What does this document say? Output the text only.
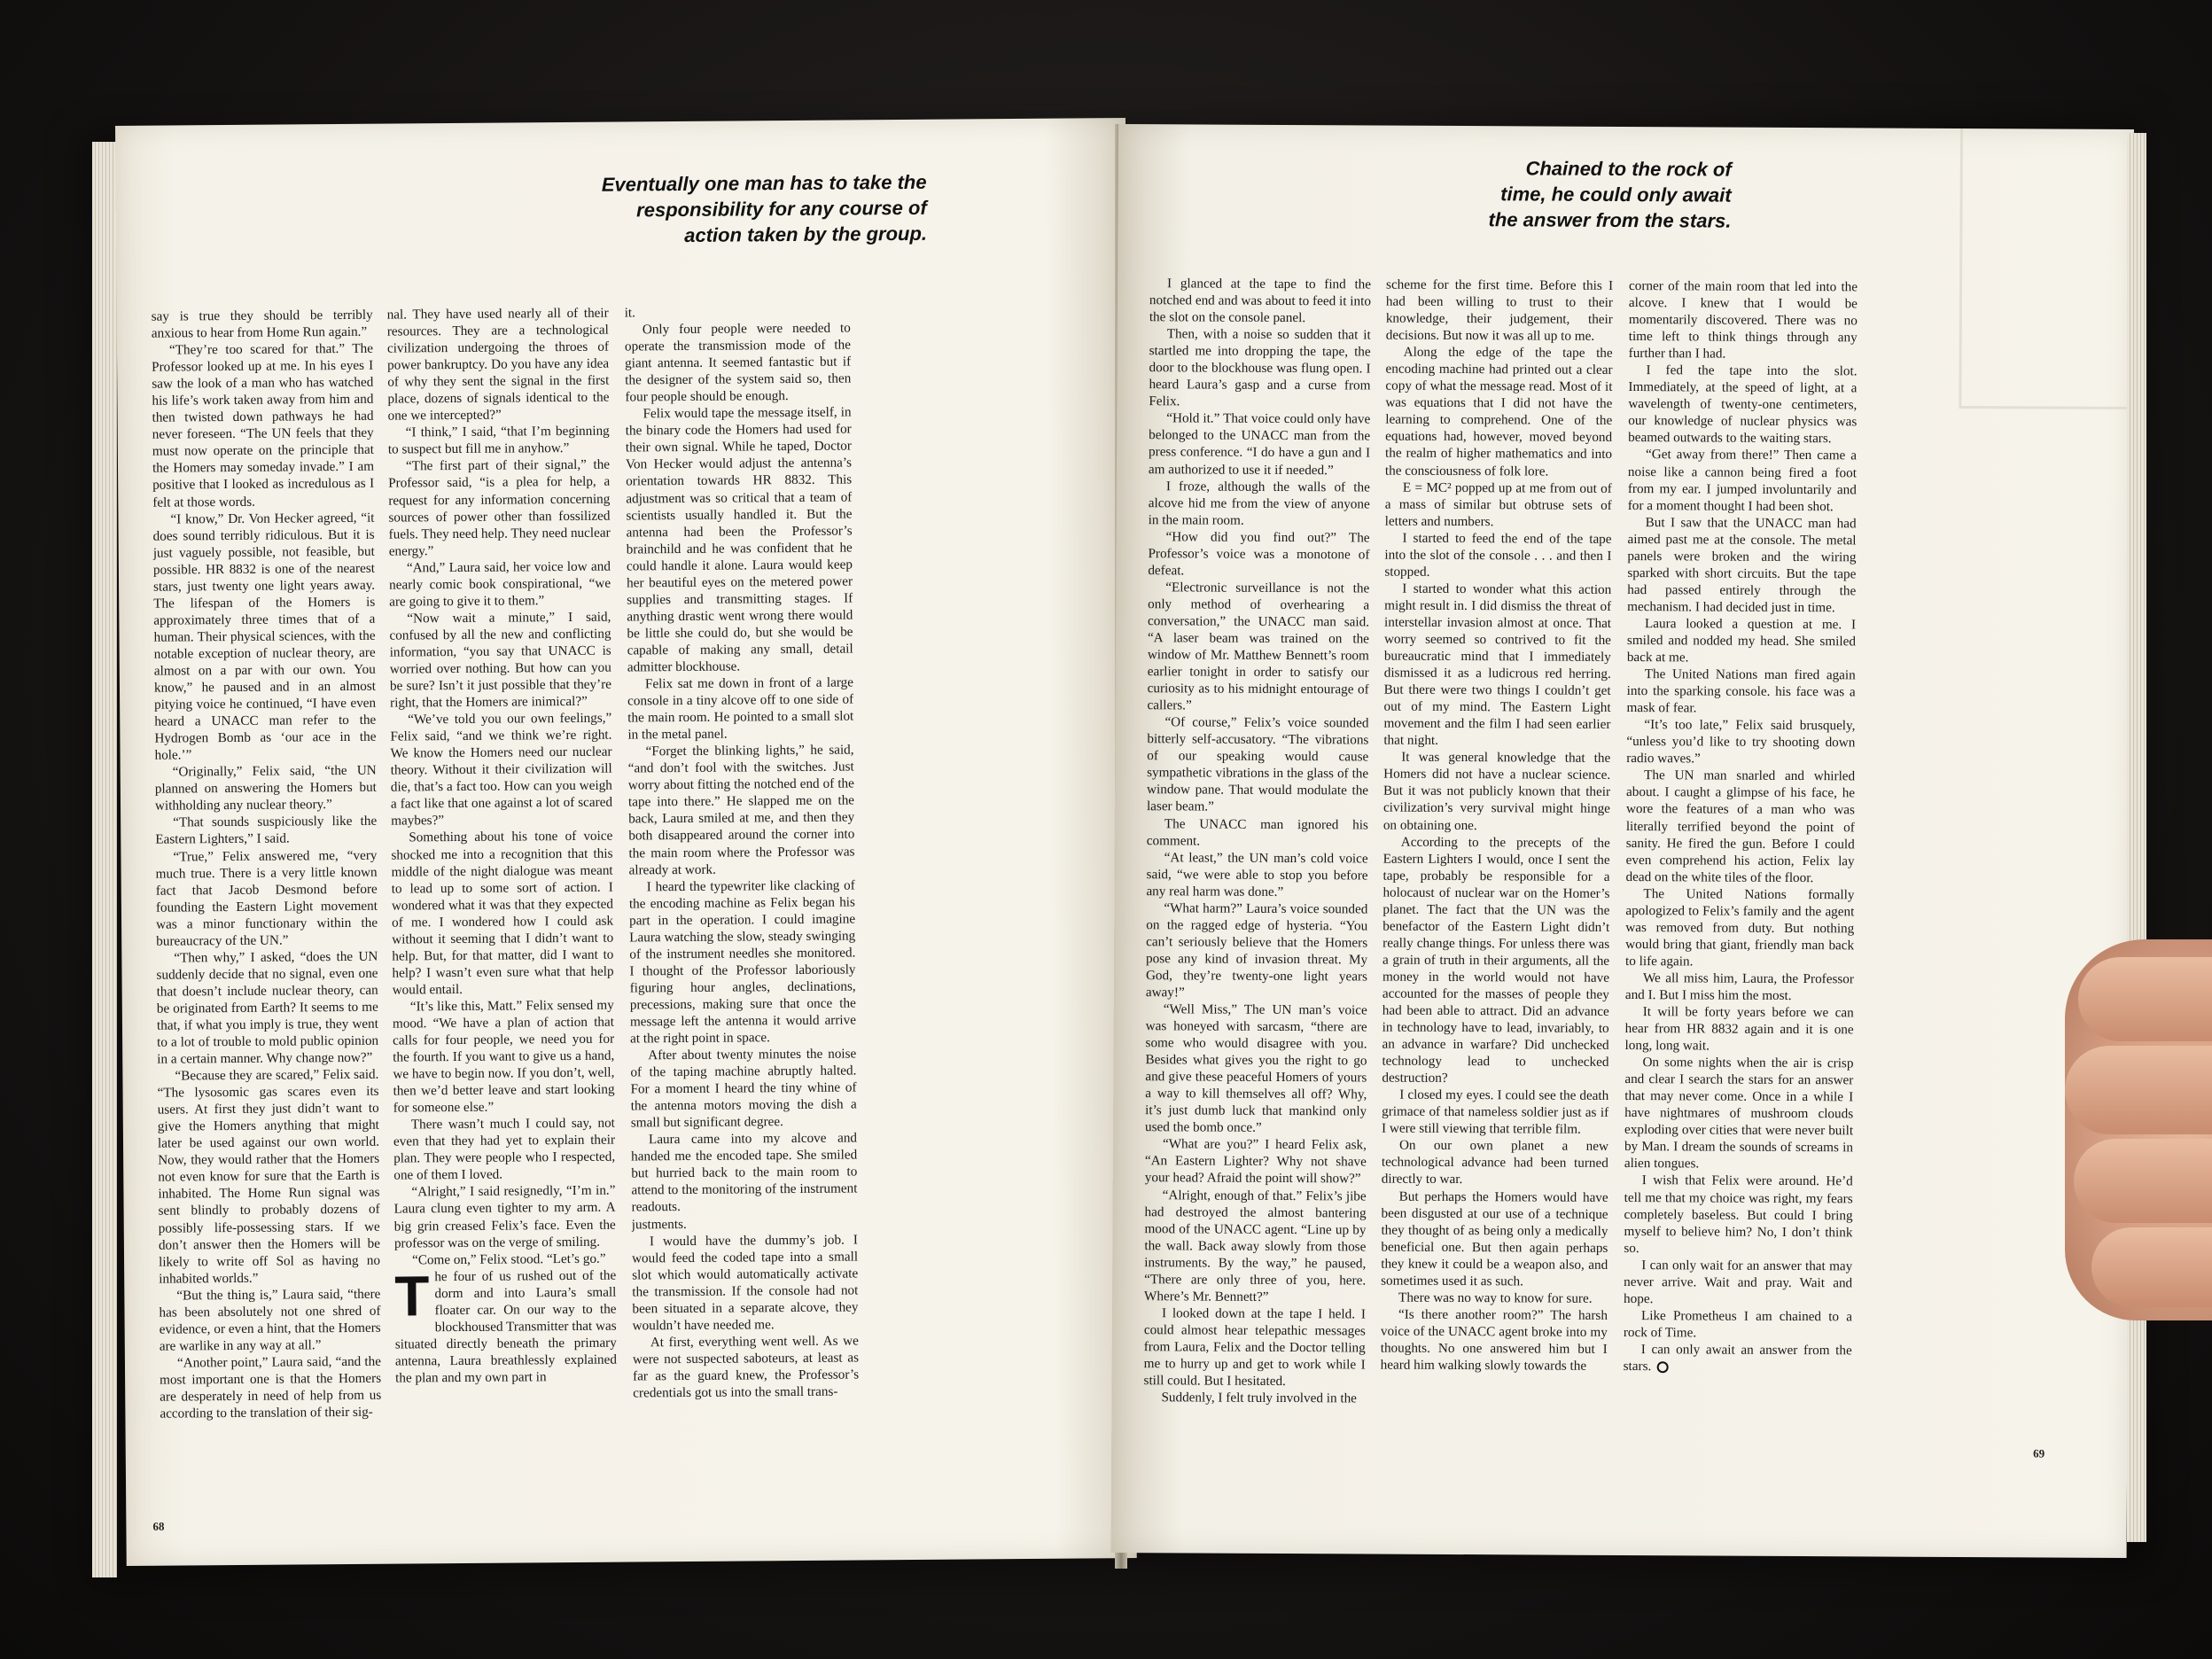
Eventually one man has to take the
responsibility for any course of
action taken by the group.

say is true they should be terribly anxious to hear from Home Run again.”

“They’re too scared for that.” The Professor looked up at me. In his eyes I saw the look of a man who has watched his life’s work taken away from him and then twisted down pathways he had never foreseen. “The UN feels that they must now operate on the principle that the Homers may someday invade.” I am positive that I looked as incredulous as I felt at those words.

“I know,” Dr. Von Hecker agreed, “it does sound terribly ridiculous. But it is just vaguely possible, not feasible, but possible. HR 8832 is one of the nearest stars, just twenty one light years away. The lifespan of the Homers is approximately three times that of a human. Their physical sciences, with the notable exception of nuclear theory, are almost on a par with our own. You know,” he paused and in an almost pitying voice he continued, “I have even heard a UNACC man refer to the Hydrogen Bomb as ‘our ace in the hole.’”

“Originally,” Felix said, “the UN planned on answering the Homers but withholding any nuclear theory.”

“That sounds suspiciously like the Eastern Lighters,” I said.

“True,” Felix answered me, “very much true. There is a very little known fact that Jacob Desmond before founding the Eastern Light movement was a minor functionary within the bureaucracy of the UN.”

“Then why,” I asked, “does the UN suddenly decide that no signal, even one that doesn’t include nuclear theory, can be originated from Earth? It seems to me that, if what you imply is true, they went to a lot of trouble to mold public opinion in a certain manner. Why change now?”

“Because they are scared,” Felix said. “The lysosomic gas scares even its users. At first they just didn’t want to give the Homers anything that might later be used against our own world. Now, they would rather that the Homers not even know for sure that the Earth is inhabited. The Home Run signal was sent blindly to probably dozens of possibly life-possessing stars. If we don’t answer then the Homers will be likely to write off Sol as having no inhabited worlds.”

“But the thing is,” Laura said, “there has been absolutely not one shred of evidence, or even a hint, that the Homers are warlike in any way at all.”

“Another point,” Laura said, “and the most important one is that the Homers are desperately in need of help from us according to the translation of their sig-

nal. They have used nearly all of their resources. They are a technological civilization undergoing the throes of power bankruptcy. Do you have any idea of why they sent the signal in the first place, dozens of signals identical to the one we intercepted?”

“I think,” I said, “that I’m beginning to suspect but fill me in anyhow.”

“The first part of their signal,” the Professor said, “is a plea for help, a request for any information concerning sources of power other than fossilized fuels. They need help. They need nuclear energy.”

“And,” Laura said, her voice low and nearly comic book conspirational, “we are going to give it to them.”

“Now wait a minute,” I said, confused by all the new and conflicting information, “you say that UNACC is worried over nothing. But how can you be sure? Isn’t it just possible that they’re right, that the Homers are inimical?”

“We’ve told you our own feelings,” Felix said, “and we think we’re right. We know the Homers need our nuclear theory. Without it their civilization will die, that’s a fact too. How can you weigh a fact like that one against a lot of scared maybes?”

Something about his tone of voice shocked me into a recognition that this middle of the night dialogue was meant to lead up to some sort of action. I wondered what it was that they expected of me. I wondered how I could ask without it seeming that I didn’t want to help. But, for that matter, did I want to help? I wasn’t even sure what that help would entail.

“It’s like this, Matt.” Felix sensed my mood. “We have a plan of action that calls for four people, we need you for the fourth. If you want to give us a hand, we have to begin now. If you don’t, well, then we’d better leave and start looking for someone else.”

There wasn’t much I could say, not even that they had yet to explain their plan. They were people who I respected, one of them I loved.

“Alright,” I said resignedly, “I’m in.” Laura clung even tighter to my arm. A big grin creased Felix’s face. Even the professor was on the verge of smiling.

“Come on,” Felix stood. “Let’s go.”

The four of us rushed out of the dorm and into Laura’s small floater car. On our way to the blockhoused Transmitter that was situated directly beneath the primary antenna, Laura breathlessly explained the plan and my own part in

it.

Only four people were needed to operate the transmission mode of the giant antenna. It seemed fantastic but if the designer of the system said so, then four people should be enough.

Felix would tape the message itself, in the binary code the Homers had used for their own signal. While he taped, Doctor Von Hecker would adjust the antenna’s orientation towards HR 8832. This adjustment was so critical that a team of scientists usually handled it. But the antenna had been the Professor’s brainchild and he was confident that he could handle it alone. Laura would keep her beautiful eyes on the metered power supplies and transmitting stages. If anything drastic went wrong there would be little she could do, but she would be capable of making any small, detail admitter blockhouse.

Felix sat me down in front of a large console in a tiny alcove off to one side of the main room. He pointed to a small slot in the metal panel.

“Forget the blinking lights,” he said, “and don’t fool with the switches. Just worry about fitting the notched end of the tape into there.” He slapped me on the back, Laura smiled at me, and then they both disappeared around the corner into the main room where the Professor was already at work.

I heard the typewriter like clacking of the encoding machine as Felix began his part in the operation. I could imagine Laura watching the slow, steady swinging of the instrument needles she monitored. I thought of the Professor laboriously figuring hour angles, declinations, precessions, making sure that once the message left the antenna it would arrive at the right point in space.

After about twenty minutes the noise of the taping machine abruptly halted. For a moment I heard the tiny whine of the antenna motors moving the dish a small but significant degree.

Laura came into my alcove and handed me the encoded tape. She smiled but hurried back to the main room to attend to the monitoring of the instrument readouts.

justments.

I would have the dummy’s job. I would feed the coded tape into a small slot which would automatically activate the transmission. If the console had not been situated in a separate alcove, they wouldn’t have needed me.

At first, everything went well. As we were not suspected saboteurs, at least as far as the guard knew, the Professor’s credentials got us into the small trans-

68
Chained to the rock of
time, he could only await
the answer from the stars.

I glanced at the tape to find the notched end and was about to feed it into the slot on the console panel.

Then, with a noise so sudden that it startled me into dropping the tape, the door to the blockhouse was flung open. I heard Laura’s gasp and a curse from Felix.

“Hold it.” That voice could only have belonged to the UNACC man from the press conference. “I do have a gun and I am authorized to use it if needed.”

I froze, although the walls of the alcove hid me from the view of anyone in the main room.

“How did you find out?” The Professor’s voice was a monotone of defeat.

“Electronic surveillance is not the only method of overhearing a conversation,” the UNACC man said. “A laser beam was trained on the window of Mr. Matthew Bennett’s room earlier tonight in order to satisfy our curiosity as to his midnight entourage of callers.”

“Of course,” Felix’s voice sounded bitterly self-accusatory. “The vibrations of our speaking would cause sympathetic vibrations in the glass of the window pane. That would modulate the laser beam.”

The UNACC man ignored his comment.

“At least,” the UN man’s cold voice said, “we were able to stop you before any real harm was done.”

“What harm?” Laura’s voice sounded on the ragged edge of hysteria. “You can’t seriously believe that the Homers pose any kind of invasion threat. My God, they’re twenty-one light years away!”

“Well Miss,” The UN man’s voice was honeyed with sarcasm, “there are some who would disagree with you. Besides what gives you the right to go and give these peaceful Homers of yours a way to kill themselves all off? Why, it’s just dumb luck that mankind only used the bomb once.”

“What are you?” I heard Felix ask, “An Eastern Lighter? Why not shave your head? Afraid the point will show?”

“Alright, enough of that.” Felix’s jibe had destroyed the almost bantering mood of the UNACC agent. “Line up by the wall. Back away slowly from those instruments. By the way,” he paused, “There are only three of you, here. Where’s Mr. Bennett?”

I looked down at the tape I held. I could almost hear telepathic messages from Laura, Felix and the Doctor telling me to hurry up and get to work while I still could. But I hesitated.

Suddenly, I felt truly involved in the

scheme for the first time. Before this I had been willing to trust to their knowledge, their judgement, their decisions. But now it was all up to me.

Along the edge of the tape the encoding machine had printed out a clear copy of what the message read. Most of it was equations that I did not have the learning to comprehend. One of the equations had, however, moved beyond the realm of higher mathematics and into the consciousness of folk lore.

E = MC² popped up at me from out of a mass of similar but obtruse sets of letters and numbers.

I started to feed the end of the tape into the slot of the console . . . and then I stopped.

I started to wonder what this action might result in. I did dismiss the threat of interstellar invasion almost at once. That worry seemed so contrived to fit the bureaucratic mind that I immediately dismissed it as a ludicrous red herring. But there were two things I couldn’t get out of my mind. The Eastern Light movement and the film I had seen earlier that night.

It was general knowledge that the Homers did not have a nuclear science. But it was not publicly known that their civilization’s very survival might hinge on obtaining one.

According to the precepts of the Eastern Lighters I would, once I sent the tape, probably be responsible for a holocaust of nuclear war on the Homer’s planet. The fact that the UN was the benefactor of the Eastern Light didn’t really change things. For unless there was a grain of truth in their arguments, all the money in the world would not have accounted for the masses of people they had been able to attract. Did an advance in technology have to lead, invariably, to an advance in warfare? Did unchecked technology lead to unchecked destruction?

I closed my eyes. I could see the death grimace of that nameless soldier just as if I were still viewing that terrible film.

On our own planet a new technological advance had been turned directly to war.

But perhaps the Homers would have been disgusted at our use of a technique they thought of as being only a medically beneficial one. But then again perhaps they knew it could be a weapon also, and sometimes used it as such.

There was no way to know for sure.

“Is there another room?” The harsh voice of the UNACC agent broke into my thoughts. No one answered him but I heard him walking slowly towards the

corner of the main room that led into the alcove. I knew that I would be momentarily discovered. There was no time left to think things through any further than I had.

I fed the tape into the slot. Immediately, at the speed of light, at a wavelength of twenty-one centimeters, our knowledge of nuclear physics was beamed outwards to the waiting stars.

“Get away from there!” Then came a noise like a cannon being fired a foot from my ear. I jumped involuntarily and for a moment thought I had been shot.

But I saw that the UNACC man had aimed past me at the console. The metal panels were broken and the wiring sparked with short circuits. But the tape had passed entirely through the mechanism. I had decided just in time.

Laura looked a question at me. I smiled and nodded my head. She smiled back at me.

The United Nations man fired again into the sparking console. his face was a mask of fear.

“It’s too late,” Felix said brusquely, “unless you’d like to try shooting down radio waves.”

The UN man snarled and whirled about. I caught a glimpse of his face, he wore the features of a man who was literally terrified beyond the point of sanity. He fired the gun. Before I could even comprehend his action, Felix lay dead on the white tiles of the floor.

The United Nations formally apologized to Felix’s family and the agent was removed from duty. But nothing would bring that giant, friendly man back to life again.

We all miss him, Laura, the Professor and I. But I miss him the most.

It will be forty years before we can hear from HR 8832 again and it is one long, long wait.

On some nights when the air is crisp and clear I search the stars for an answer that may never come. Once in a while I have nightmares of mushroom clouds exploding over cities that were never built by Man. I dream the sounds of screams in alien tongues.

I wish that Felix were around. He’d tell me that my choice was right, my fears completely baseless. But could I bring myself to believe him? No, I don’t think so.

I can only wait for an answer that may never arrive. Wait and pray. Wait and hope.

Like Prometheus I am chained to a rock of Time.

I can only await an answer from the stars.

69
